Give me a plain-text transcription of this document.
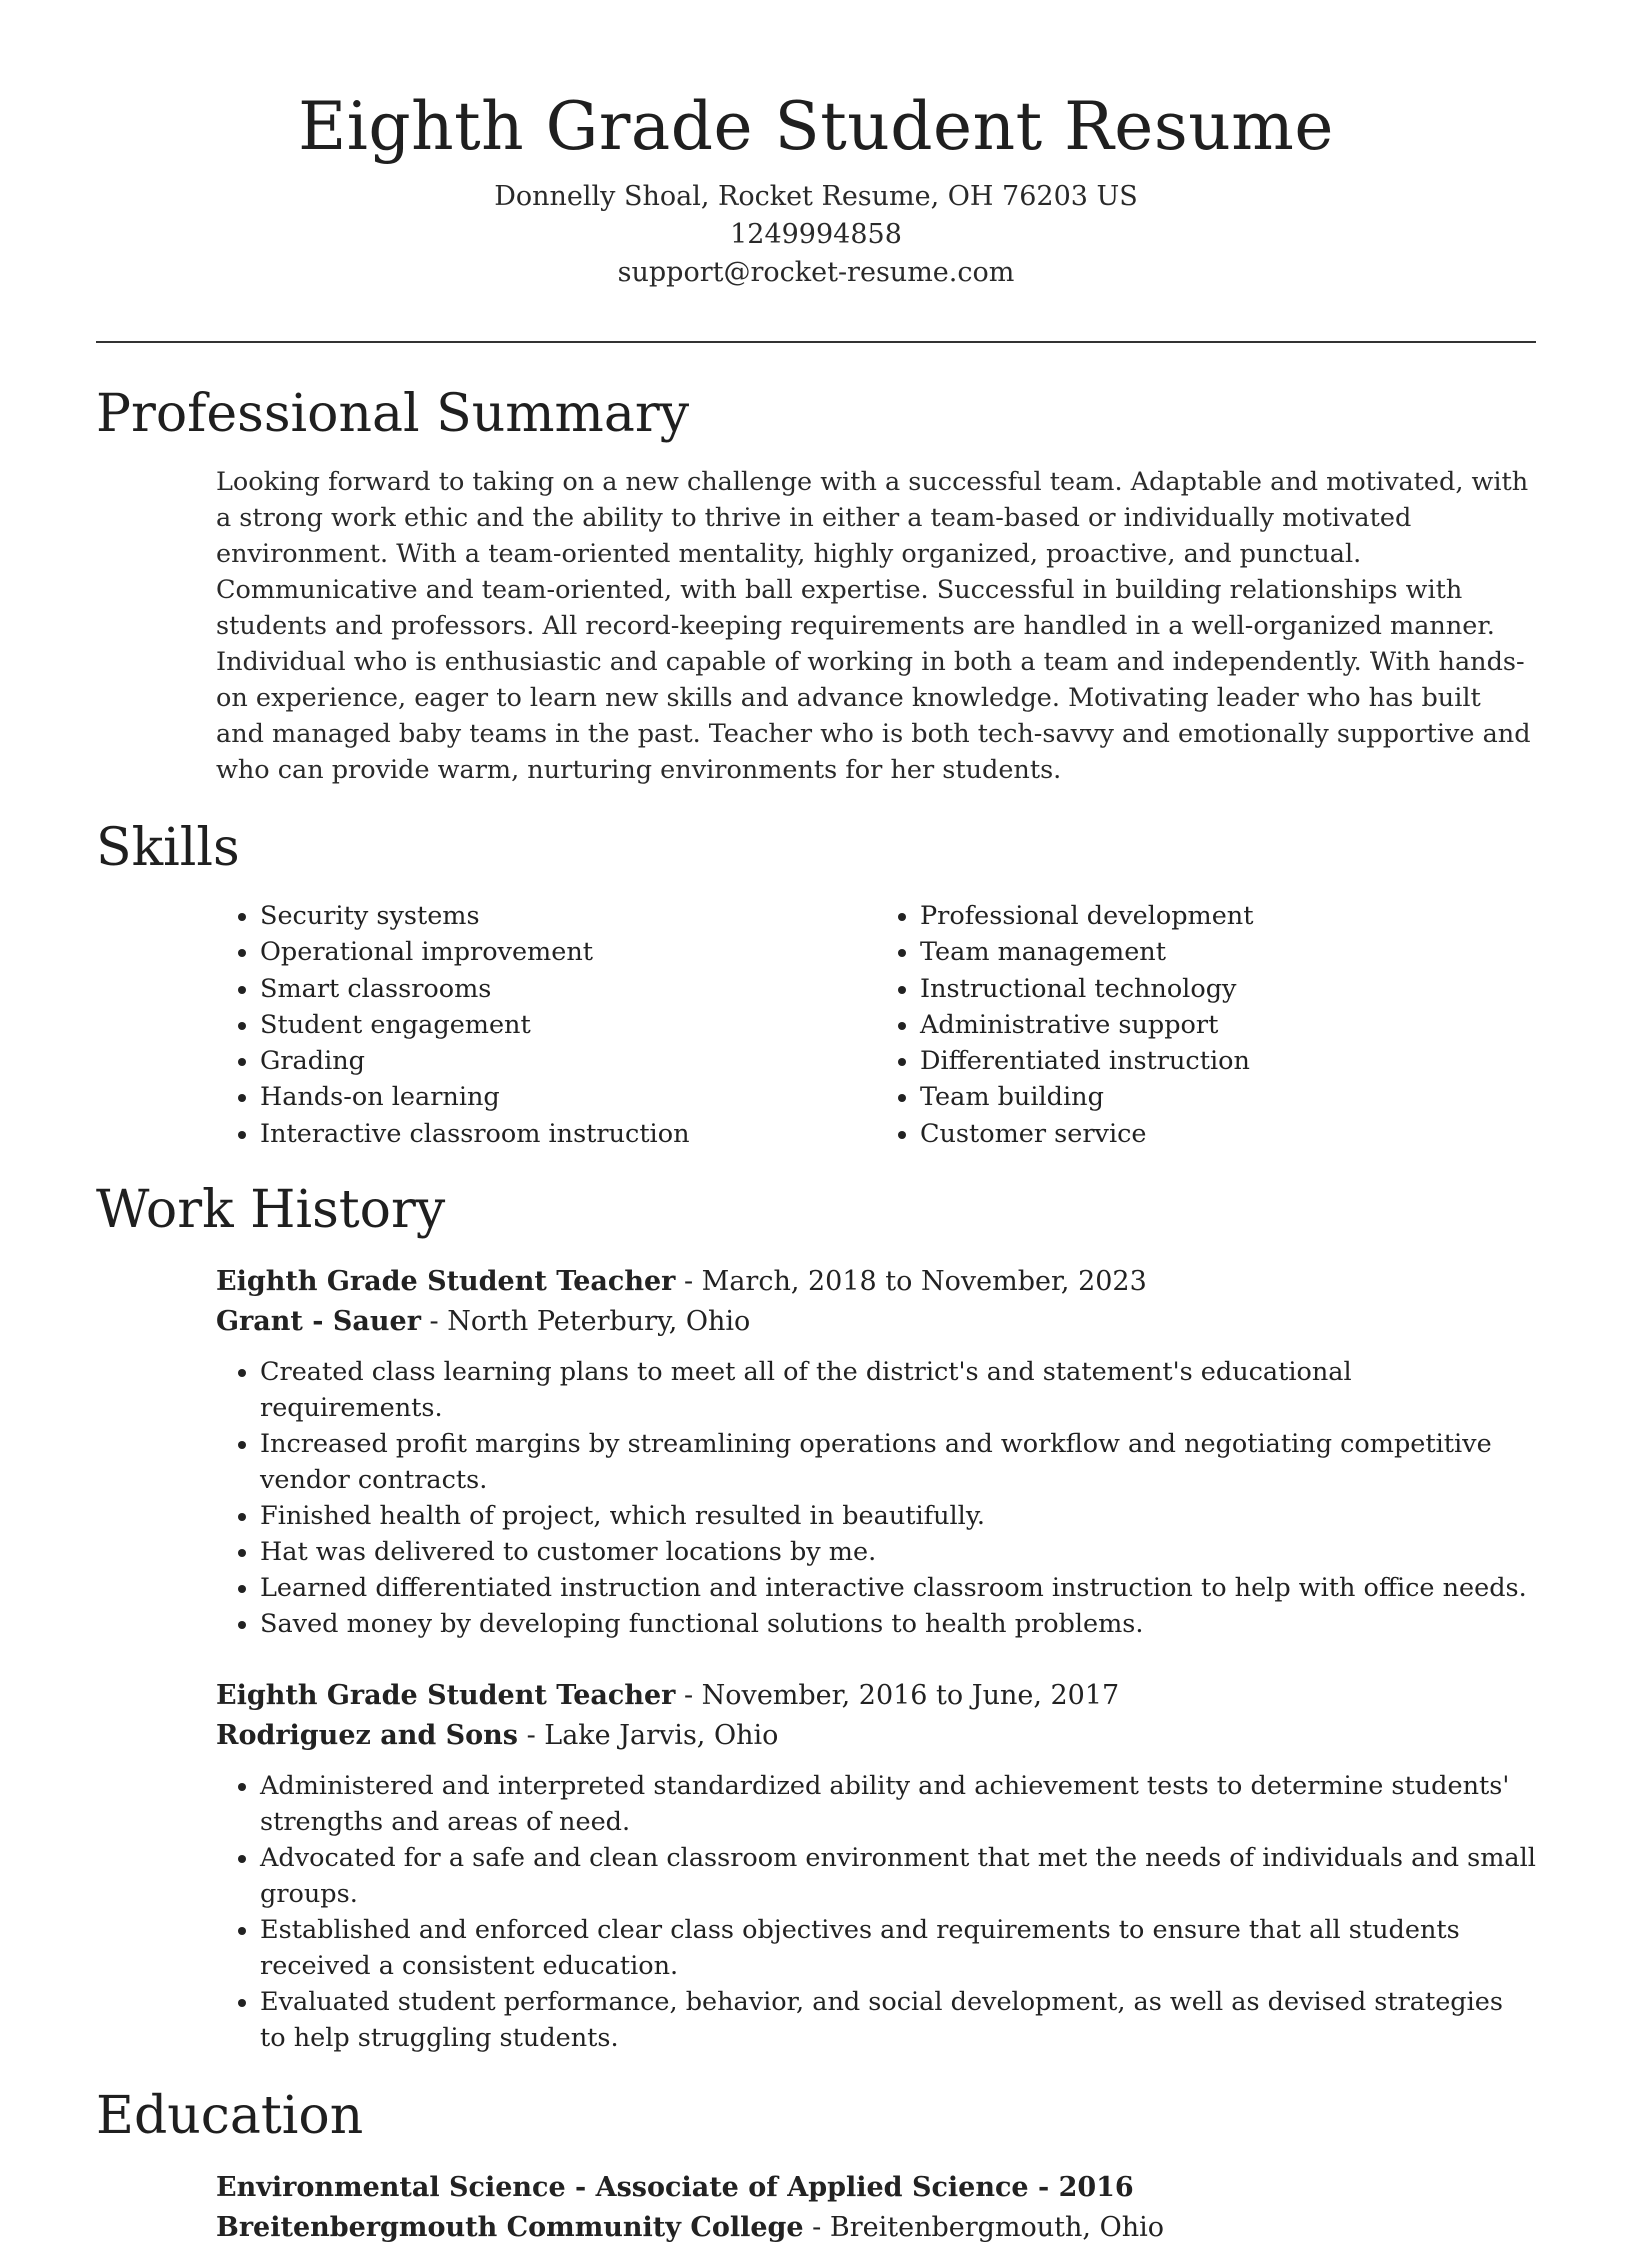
Eighth Grade Student Resume
Donnelly Shoal, Rocket Resume, OH 76203 US
1249994858
support@rocket-resume.com
Professional Summary

Looking forward to taking on a new challenge with a successful team. Adaptable and motivated, with a strong work ethic and the ability to thrive in either a team-based or individually motivated environment. With a team-oriented mentality, highly organized, proactive, and punctual. Communicative and team-oriented, with ball expertise. Successful in building relationships with students and professors. All record-keeping requirements are handled in a well-organized manner. Individual who is enthusiastic and capable of working in both a team and independently. With hands-on experience, eager to learn new skills and advance knowledge. Motivating leader who has built and managed baby teams in the past. Teacher who is both tech-savvy and emotionally supportive and who can provide warm, nurturing environments for her students.

Skills
• Security systems
• Operational improvement
• Smart classrooms
• Student engagement
• Grading
• Hands-on learning
• Interactive classroom instruction
• Professional development
• Team management
• Instructional technology
• Administrative support
• Differentiated instruction
• Team building
• Customer service
Work History
Eighth Grade Student Teacher - March, 2018 to November, 2023
Grant - Sauer - North Peterbury, Ohio
• Created class learning plans to meet all of the district's and statement's educational requirements.
• Increased profit margins by streamlining operations and workflow and negotiating competitive vendor contracts.
• Finished health of project, which resulted in beautifully.
• Hat was delivered to customer locations by me.
• Learned differentiated instruction and interactive classroom instruction to help with office needs.
• Saved money by developing functional solutions to health problems.
Eighth Grade Student Teacher - November, 2016 to June, 2017
Rodriguez and Sons - Lake Jarvis, Ohio
• Administered and interpreted standardized ability and achievement tests to determine students' strengths and areas of need.
• Advocated for a safe and clean classroom environment that met the needs of individuals and small groups.
• Established and enforced clear class objectives and requirements to ensure that all students received a consistent education.
• Evaluated student performance, behavior, and social development, as well as devised strategies to help struggling students.
Education
Environmental Science - Associate of Applied Science - 2016
Breitenbergmouth Community College - Breitenbergmouth, Ohio
